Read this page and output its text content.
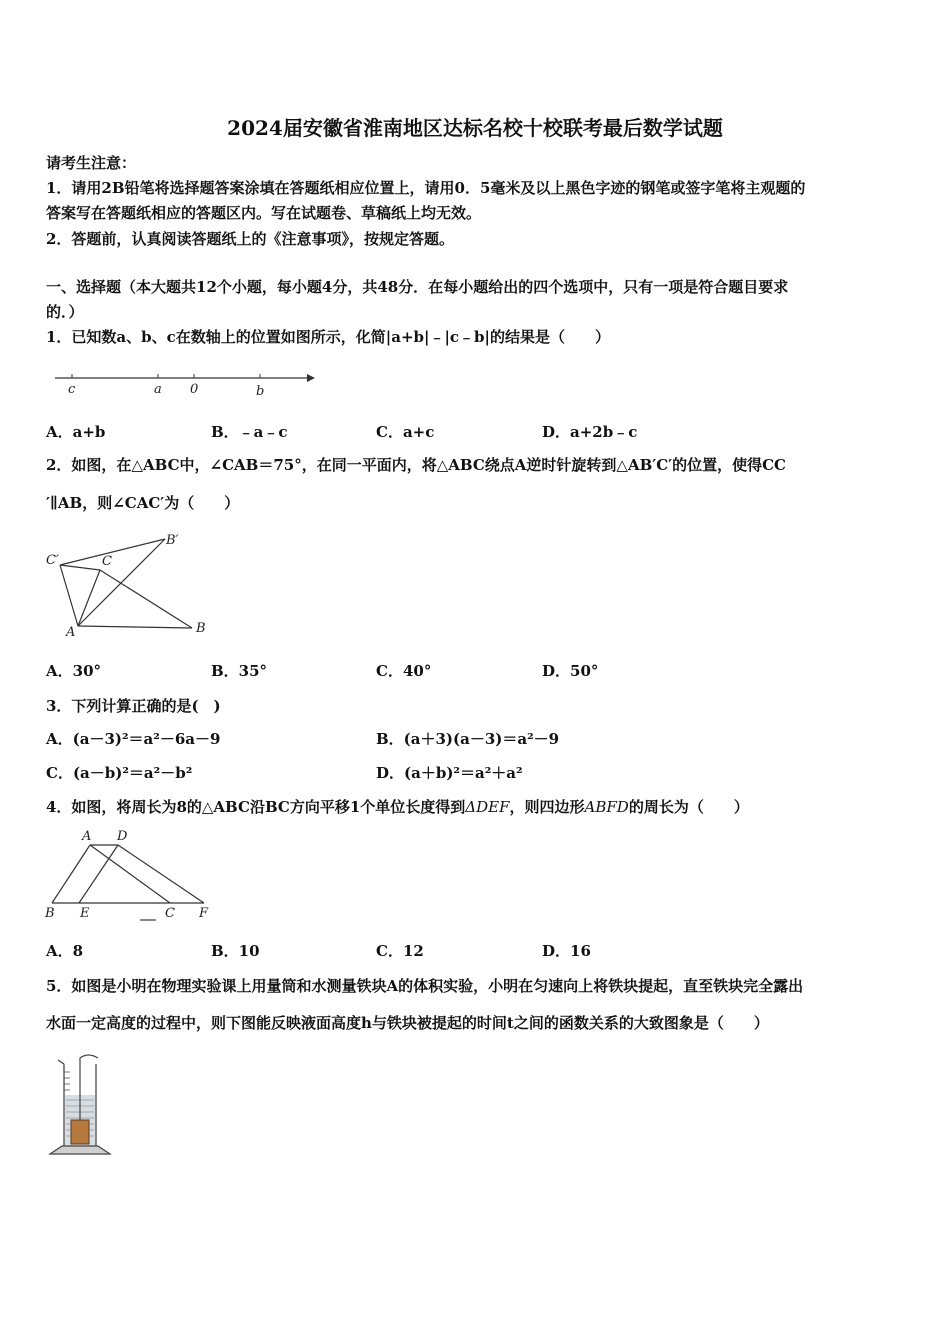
2024届安徽省淮南地区达标名校十校联考最后数学试题
请考生注意：
1．请用2B铅笔将选择题答案涂填在答题纸相应位置上，请用0．5毫米及以上黑色字迹的钢笔或签字笔将主观题的
答案写在答题纸相应的答题区内。写在试题卷、草稿纸上均无效。
2．答题前，认真阅读答题纸上的《注意事项》，按规定答题。
一、选择题（本大题共12个小题，每小题4分，共48分．在每小题给出的四个选项中，只有一项是符合题目要求
的．）
1．已知数a、b、c在数轴上的位置如图所示，化简|a+b|﹣|c﹣b|的结果是（　　）
c	a 0	b
A．a+b	B．﹣a﹣c	C．a+c	D．a+2b﹣c
2．如图，在△ABC中，∠CAB＝75°，在同一平面内，将△ABC绕点A逆时针旋转到△AB′C′的位置，使得CC
′∥AB，则∠CAC′为（　　）
C′	C
B′
A	B
A．30°	B．35°	C．40°	D．50°
3．下列计算正确的是(　)
A．(a－3)²＝a²－6a－9	B．(a＋3)(a－3)＝a²－9
C．(a－b)²＝a²－b²	D．(a＋b)²＝a²＋a²
4．如图，将周长为8的△ABC沿BC方向平移1个单位长度得到ΔDEF，则四边形ABFD的周长为（　　）
A D
B E	C F
A．8	B．10	C．12	D．16
5．如图是小明在物理实验课上用量筒和水测量铁块A的体积实验，小明在匀速向上将铁块提起，直至铁块完全露出
水面一定高度的过程中，则下图能反映液面高度h与铁块被提起的时间t之间的函数关系的大致图象是（　　）
